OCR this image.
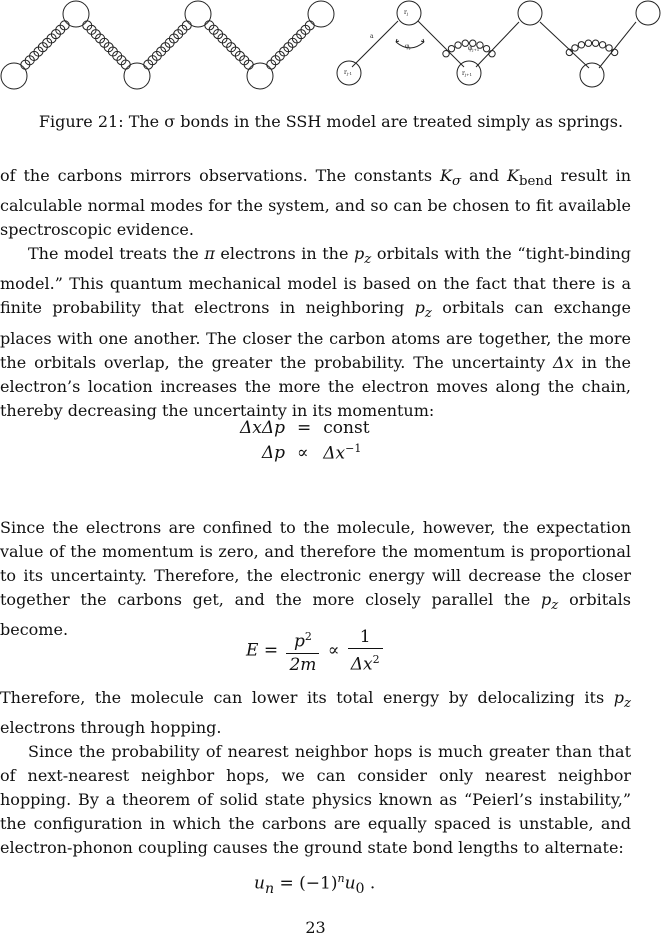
a
rj
φj	φj+1
rj-1	rj+1
Figure 21: The σ bonds in the SSH model are treated simply as springs.

of the carbons mirrors observations. The constants $K_\sigma$ and $K_{bend}$ result in calculable normal modes for the system, and so can be chosen to fit available spectroscopic evidence.

The model treats the π electrons in the $p_z$ orbitals with the “tight-binding model.” This quantum mechanical model is based on the fact that there is a finite probability that electrons in neighboring $p_z$ orbitals can exchange places with one another. The closer the carbon atoms are together, the more the orbitals overlap, the greater the probability. The uncertainty Δx in the electron’s location increases the more the electron moves along the chain, thereby decreasing the uncertainty in its momentum:

ΔxΔp	=	const
Δp	∝	$\Delta x^{-1}$

Since the electrons are confined to the molecule, however, the expectation value of the momentum is zero, and therefore the momentum is proportional to its uncertainty. Therefore, the electronic energy will decrease the closer together the carbons get, and the more closely parallel the $p_z$ orbitals become.

$E = \frac{p^2}{2m} \propto \frac{1}{\Delta x^2}$

Therefore, the molecule can lower its total energy by delocalizing its $p_z$ electrons through hopping.

Since the probability of nearest neighbor hops is much greater than that of next-nearest neighbor hops, we can consider only nearest neighbor hopping. By a theorem of solid state physics known as “Peierl’s instability,” the configuration in which the carbons are equally spaced is unstable, and electron-phonon coupling causes the ground state bond lengths to alternate:

$u_n = (-1)^nu_0$ .
23
